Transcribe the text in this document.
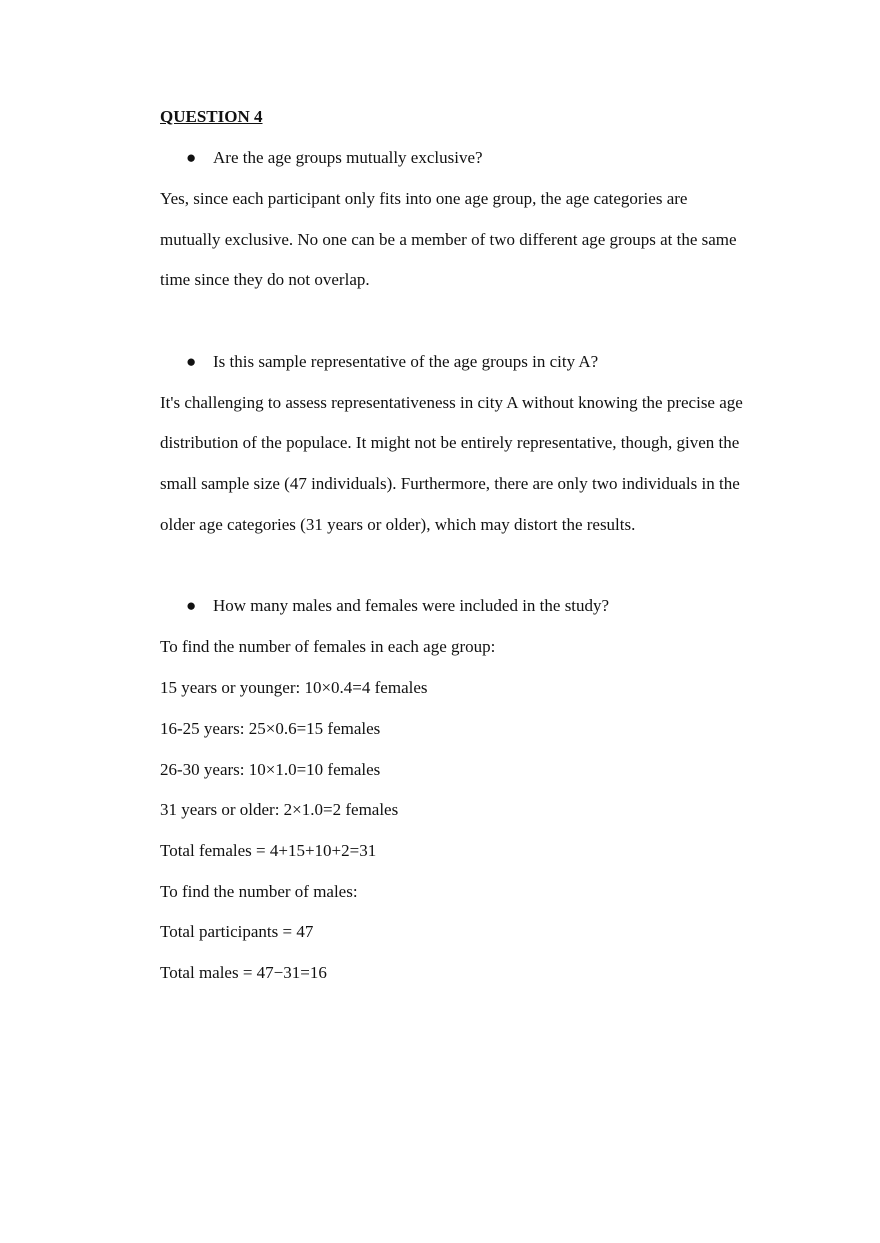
QUESTION 4
● Are the age groups mutually exclusive?
Yes, since each participant only fits into one age group, the age categories are
mutually exclusive. No one can be a member of two different age groups at the same
time since they do not overlap.
● Is this sample representative of the age groups in city A?
It's challenging to assess representativeness in city A without knowing the precise age
distribution of the populace. It might not be entirely representative, though, given the
small sample size (47 individuals). Furthermore, there are only two individuals in the
older age categories (31 years or older), which may distort the results.
● How many males and females were included in the study?
To find the number of females in each age group:
15 years or younger: 10×0.4=4 females
16-25 years: 25×0.6=15 females
26-30 years: 10×1.0=10 females
31 years or older: 2×1.0=2 females
Total females = 4+15+10+2=31
To find the number of males:
Total participants = 47
Total males = 47−31=16
